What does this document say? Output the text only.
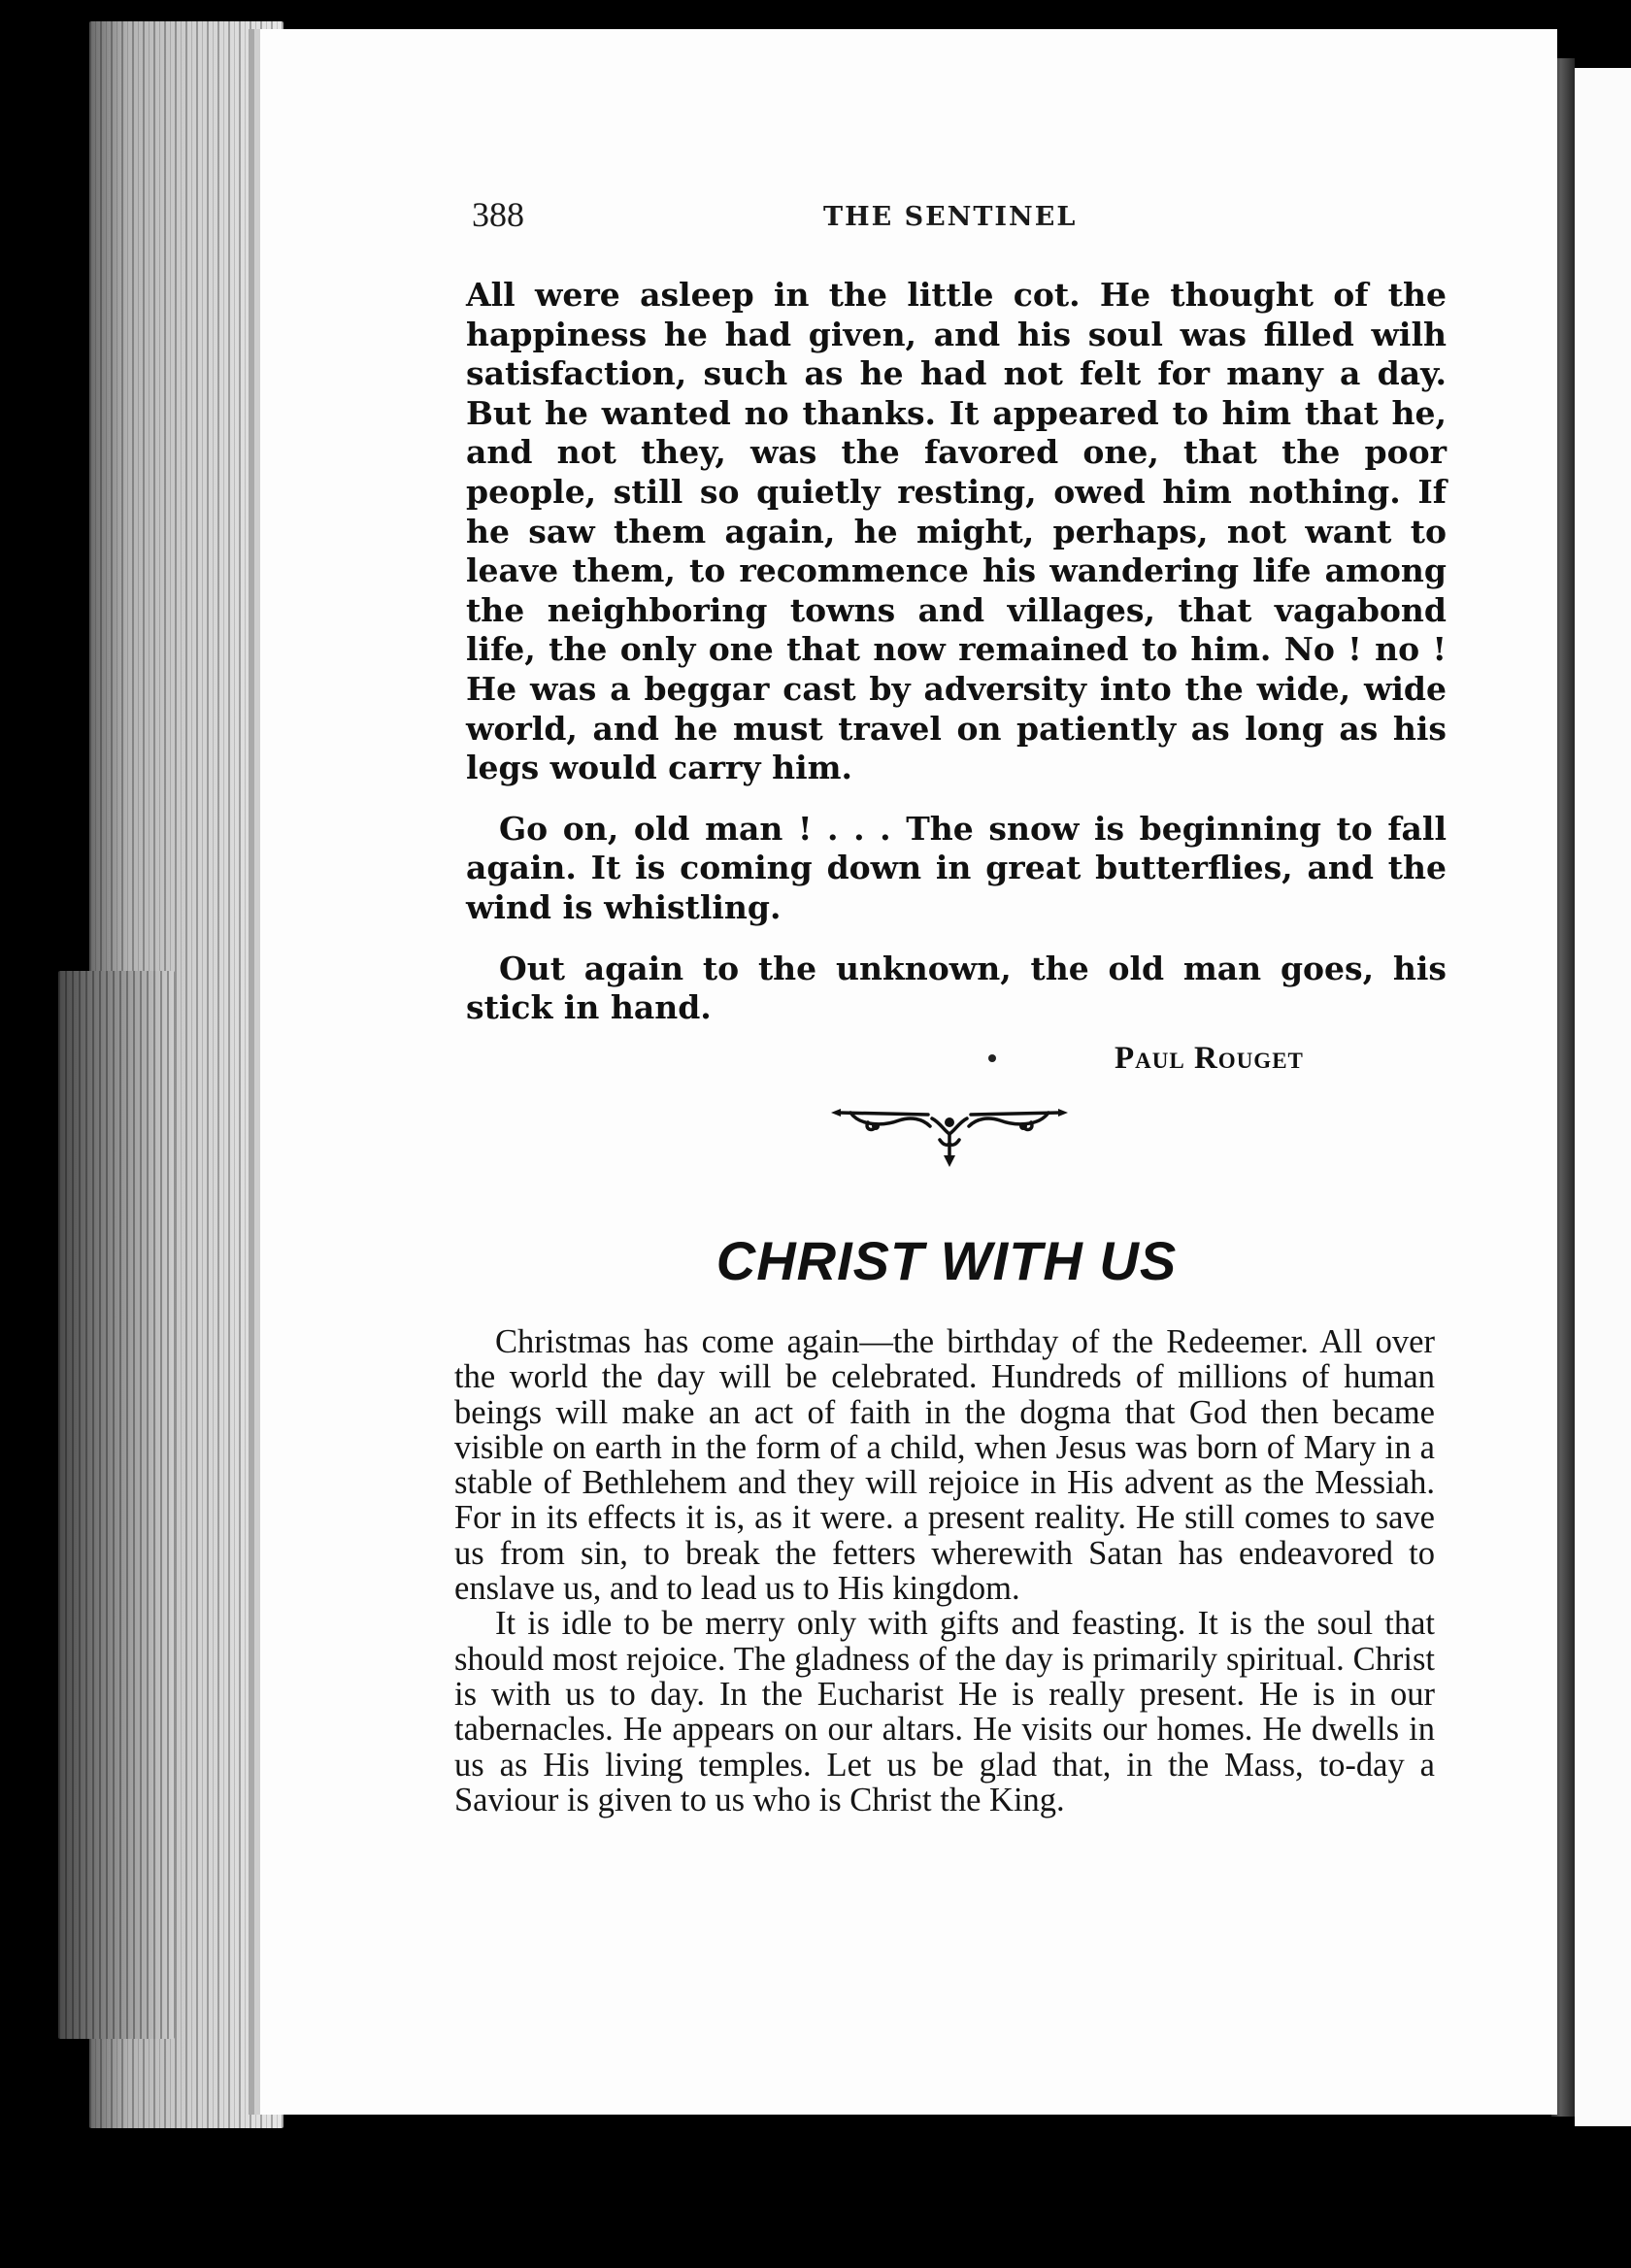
388	THE SENTINEL

All were asleep in the little cot. He thought of the happiness he had given, and his soul was filled wilh satisfaction, such as he had not felt for many a day. But he wanted no thanks. It appeared to him that he, and not they, was the favored one, that the poor people, still so quietly resting, owed him nothing. If he saw them again, he might, perhaps, not want to leave them, to recommence his wandering life among the neighboring towns and villages, that vagabond life, the only one that now remained to him. No ! no ! He was a beggar cast by adversity into the wide, wide world, and he must travel on patiently as long as his legs would carry him.

Go on, old man ! . . . The snow is beginning to fall again. It is coming down in great butterflies, and the wind is whistling.

Out again to the unknown, the old man goes, his stick in hand.

Paul Rouget
CHRIST WITH US

Christmas has come again—the birthday of the Redeemer. All over the world the day will be celebrated. Hundreds of millions of human beings will make an act of faith in the dogma that God then became visible on earth in the form of a child, when Jesus was born of Mary in a stable of Bethlehem and they will rejoice in His advent as the Messiah. For in its effects it is, as it were. a present reality. He still comes to save us from sin, to break the fetters wherewith Satan has endeavored to enslave us, and to lead us to His kingdom.

It is idle to be merry only with gifts and feasting. It is the soul that should most rejoice. The gladness of the day is primarily spiritual. Christ is with us to day. In the Eucharist He is really present. He is in our tabernacles. He appears on our altars. He visits our homes. He dwells in us as His living temples. Let us be glad that, in the Mass, to-day a Saviour is given to us who is Christ the King.
